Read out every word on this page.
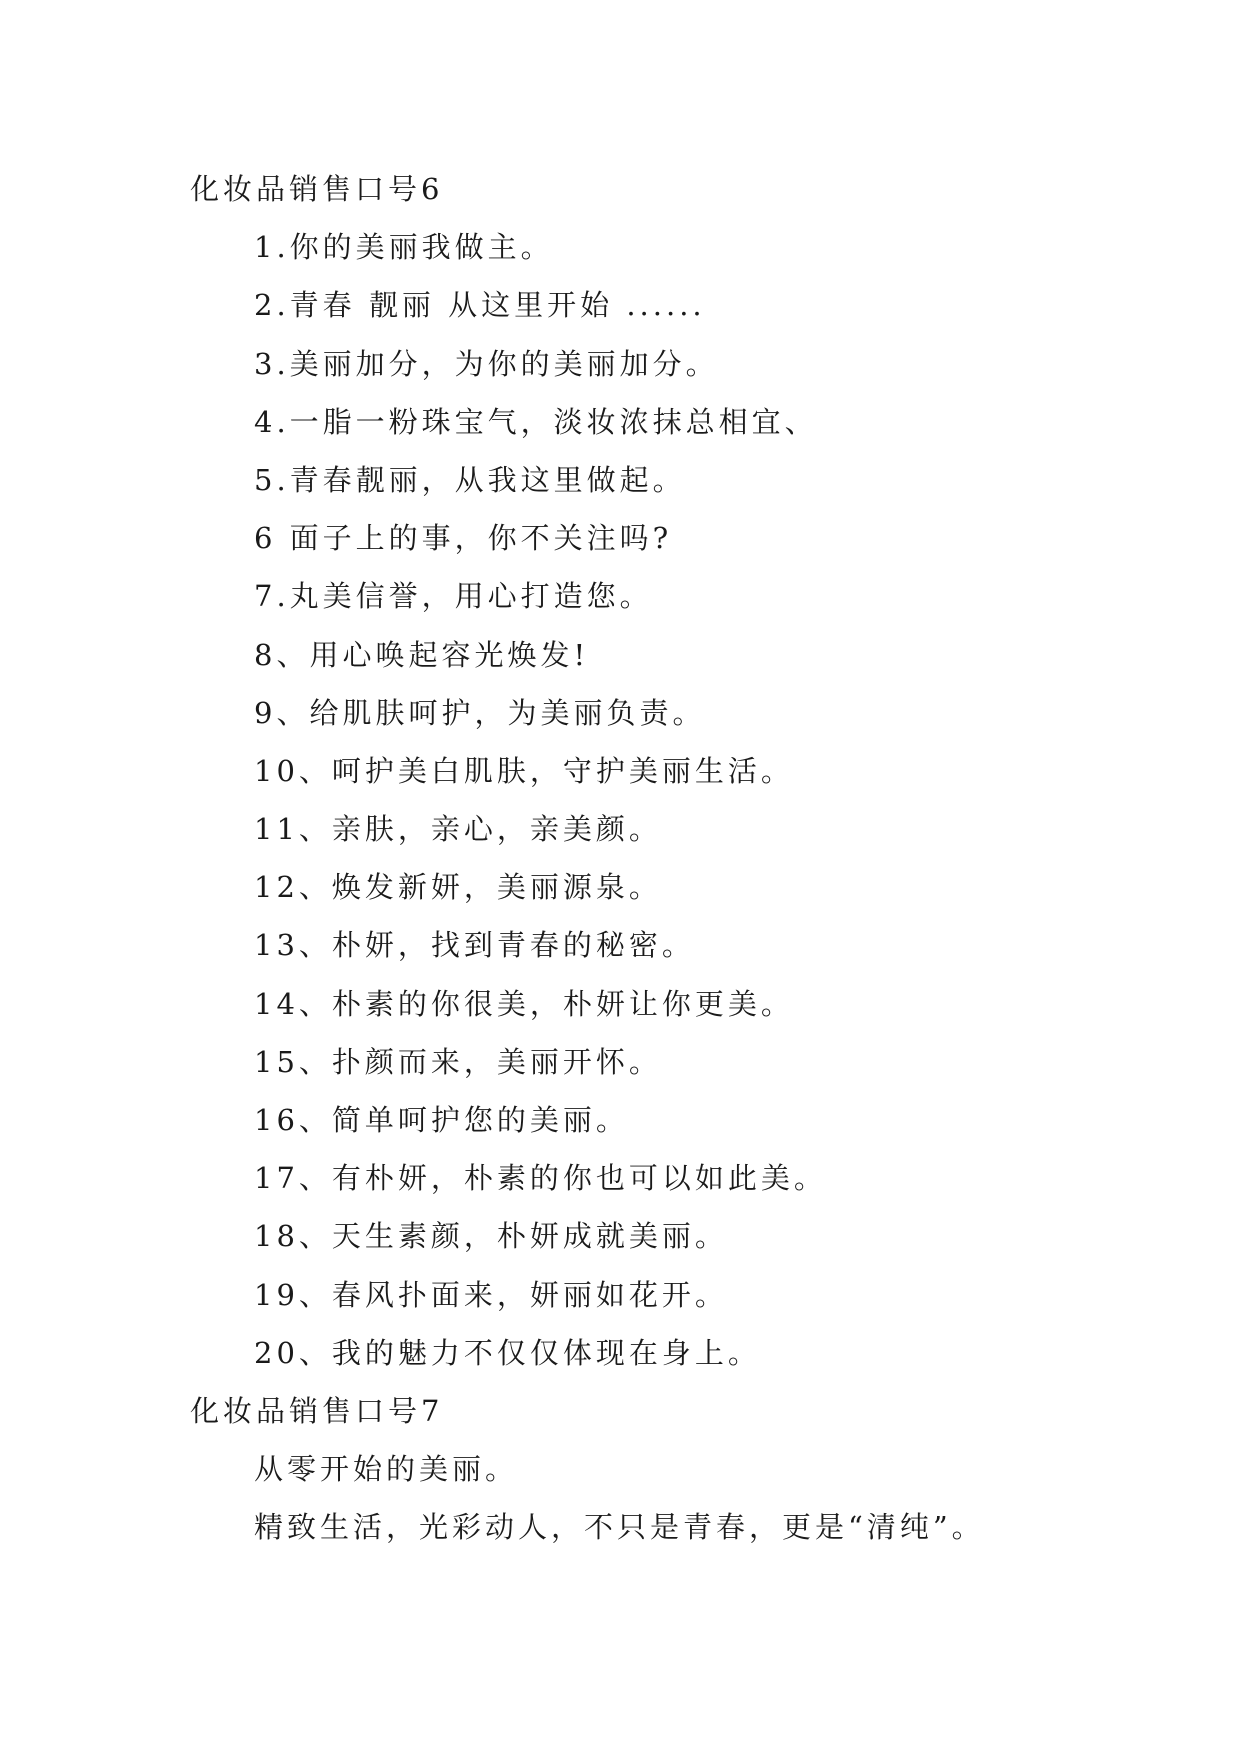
化妆品销售口号6
1.你的美丽我做主。
2.青春 靓丽 从这里开始 ......
3.美丽加分，为你的美丽加分。
4.一脂一粉珠宝气，淡妆浓抹总相宜、
5.青春靓丽，从我这里做起。
6 面子上的事，你不关注吗?
7.丸美信誉，用心打造您。
8、用心唤起容光焕发!
9、给肌肤呵护，为美丽负责。
10、呵护美白肌肤，守护美丽生活。
11、亲肤，亲心，亲美颜。
12、焕发新妍，美丽源泉。
13、朴妍，找到青春的秘密。
14、朴素的你很美，朴妍让你更美。
15、扑颜而来，美丽开怀。
16、简单呵护您的美丽。
17、有朴妍，朴素的你也可以如此美。
18、天生素颜，朴妍成就美丽。
19、春风扑面来，妍丽如花开。
20、我的魅力不仅仅体现在身上。
化妆品销售口号7
从零开始的美丽。
精致生活，光彩动人，不只是青春，更是“清纯”。
